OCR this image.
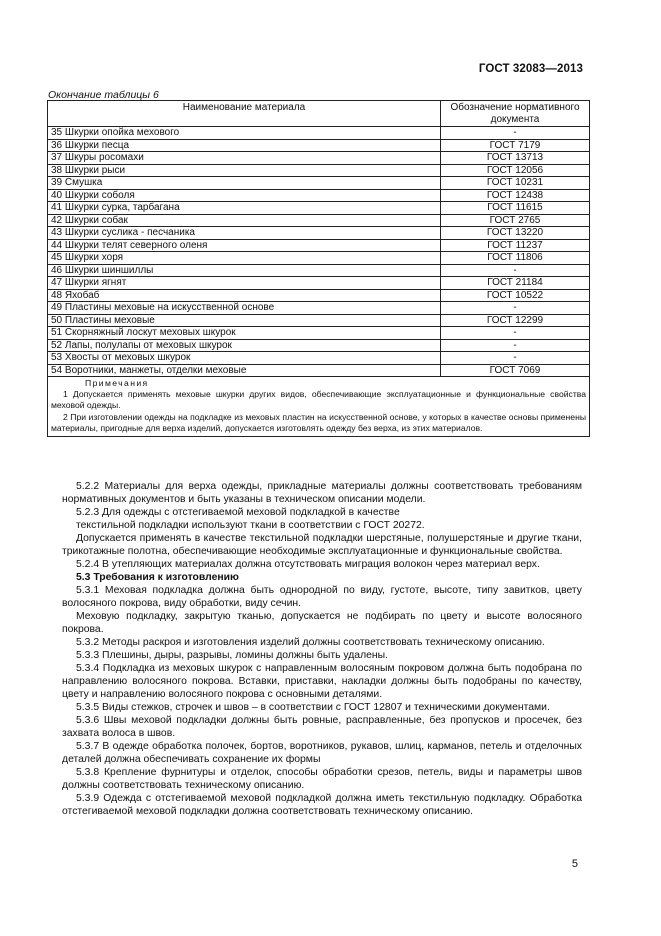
ГОСТ 32083—2013
Окончание таблицы 6
Наименование материала	Обозначение нормативного документа
35 Шкурки опойка мехового	-
36 Шкурки песца	ГОСТ 7179
37 Шкуры росомахи	ГОСТ 13713
38 Шкурки рыси	ГОСТ 12056
39 Смушка	ГОСТ 10231
40 Шкурки соболя	ГОСТ 12438
41 Шкурки сурка, тарбагана	ГОСТ 11615
42 Шкурки собак	ГОСТ 2765
43 Шкурки суслика - песчаника	ГОСТ 13220
44 Шкурки телят северного оленя	ГОСТ 11237
45 Шкурки хоря	ГОСТ 11806
46 Шкурки шиншиллы	-
47 Шкурки ягнят	ГОСТ 21184
48 Яхобаб	ГОСТ 10522
49 Пластины меховые на искусственной основе	-
50 Пластины меховые	ГОСТ 12299
51 Скорняжный лоскут меховых шкурок	-
52 Лапы, полулапы от меховых шкурок	-
53 Хвосты от меховых шкурок	-
54 Воротники, манжеты, отделки меховые	ГОСТ 7069

Примечания
1 Допускается применять меховые шкурки других видов, обеспечивающие эксплуатационные и функциональные свойства меховой одежды.
2 При изготовлении одежды на подкладке из меховых пластин на искусственной основе, у которых в качестве основы применены материалы, пригодные для верха изделий, допускается изготовлять одежду без верха, из этих материалов.	

5.2.2 Материалы для верха одежды, прикладные материалы должны соответствовать требованиям нормативных документов и быть указаны в техническом описании модели.

5.2.3 Для одежды с отстегиваемой меховой подкладкой в качестве

текстильной подкладки используют ткани в соответствии с ГОСТ 20272.

Допускается применять в качестве текстильной подкладки шерстяные, полушерстяные и другие ткани, трикотажные полотна, обеспечивающие необходимые эксплуатационные и функциональные свойства.

5.2.4 В утепляющих материалах должна отсутствовать миграция волокон через материал верх.

5.3 Требования к изготовлению

5.3.1 Меховая подкладка должна быть однородной по виду, густоте, высоте, типу завитков, цвету волосяного покрова, виду обработки, виду сечин.

Меховую подкладку, закрытую тканью, допускается не подбирать по цвету и высоте волосяного покрова.

5.3.2 Методы раскроя и изготовления изделий должны соответствовать техническому описанию.

5.3.3 Плешины, дыры, разрывы, ломины должны быть удалены.

5.3.4 Подкладка из меховых шкурок с направленным волосяным покровом должна быть подобрана по направлению волосяного покрова. Вставки, приставки, накладки должны быть подобраны по качеству, цвету и направлению волосяного покрова с основными деталями.

5.3.5 Виды стежков, строчек и швов – в соответствии с ГОСТ 12807 и техническими документами.

5.3.6 Швы меховой подкладки должны быть ровные, расправленные, без пропусков и просечек, без захвата волоса в швов.

5.3.7 В одежде обработка полочек, бортов, воротников, рукавов, шлиц, карманов, петель и отделочных деталей должна обеспечивать сохранение их формы

5.3.8 Крепление фурнитуры и отделок, способы обработки срезов, петель, виды и параметры швов должны соответствовать техническому описанию.

5.3.9 Одежда с отстегиваемой меховой подкладкой должна иметь текстильную подкладку. Обработка отстегиваемой меховой подкладки должна соответствовать техническому описанию.

5
